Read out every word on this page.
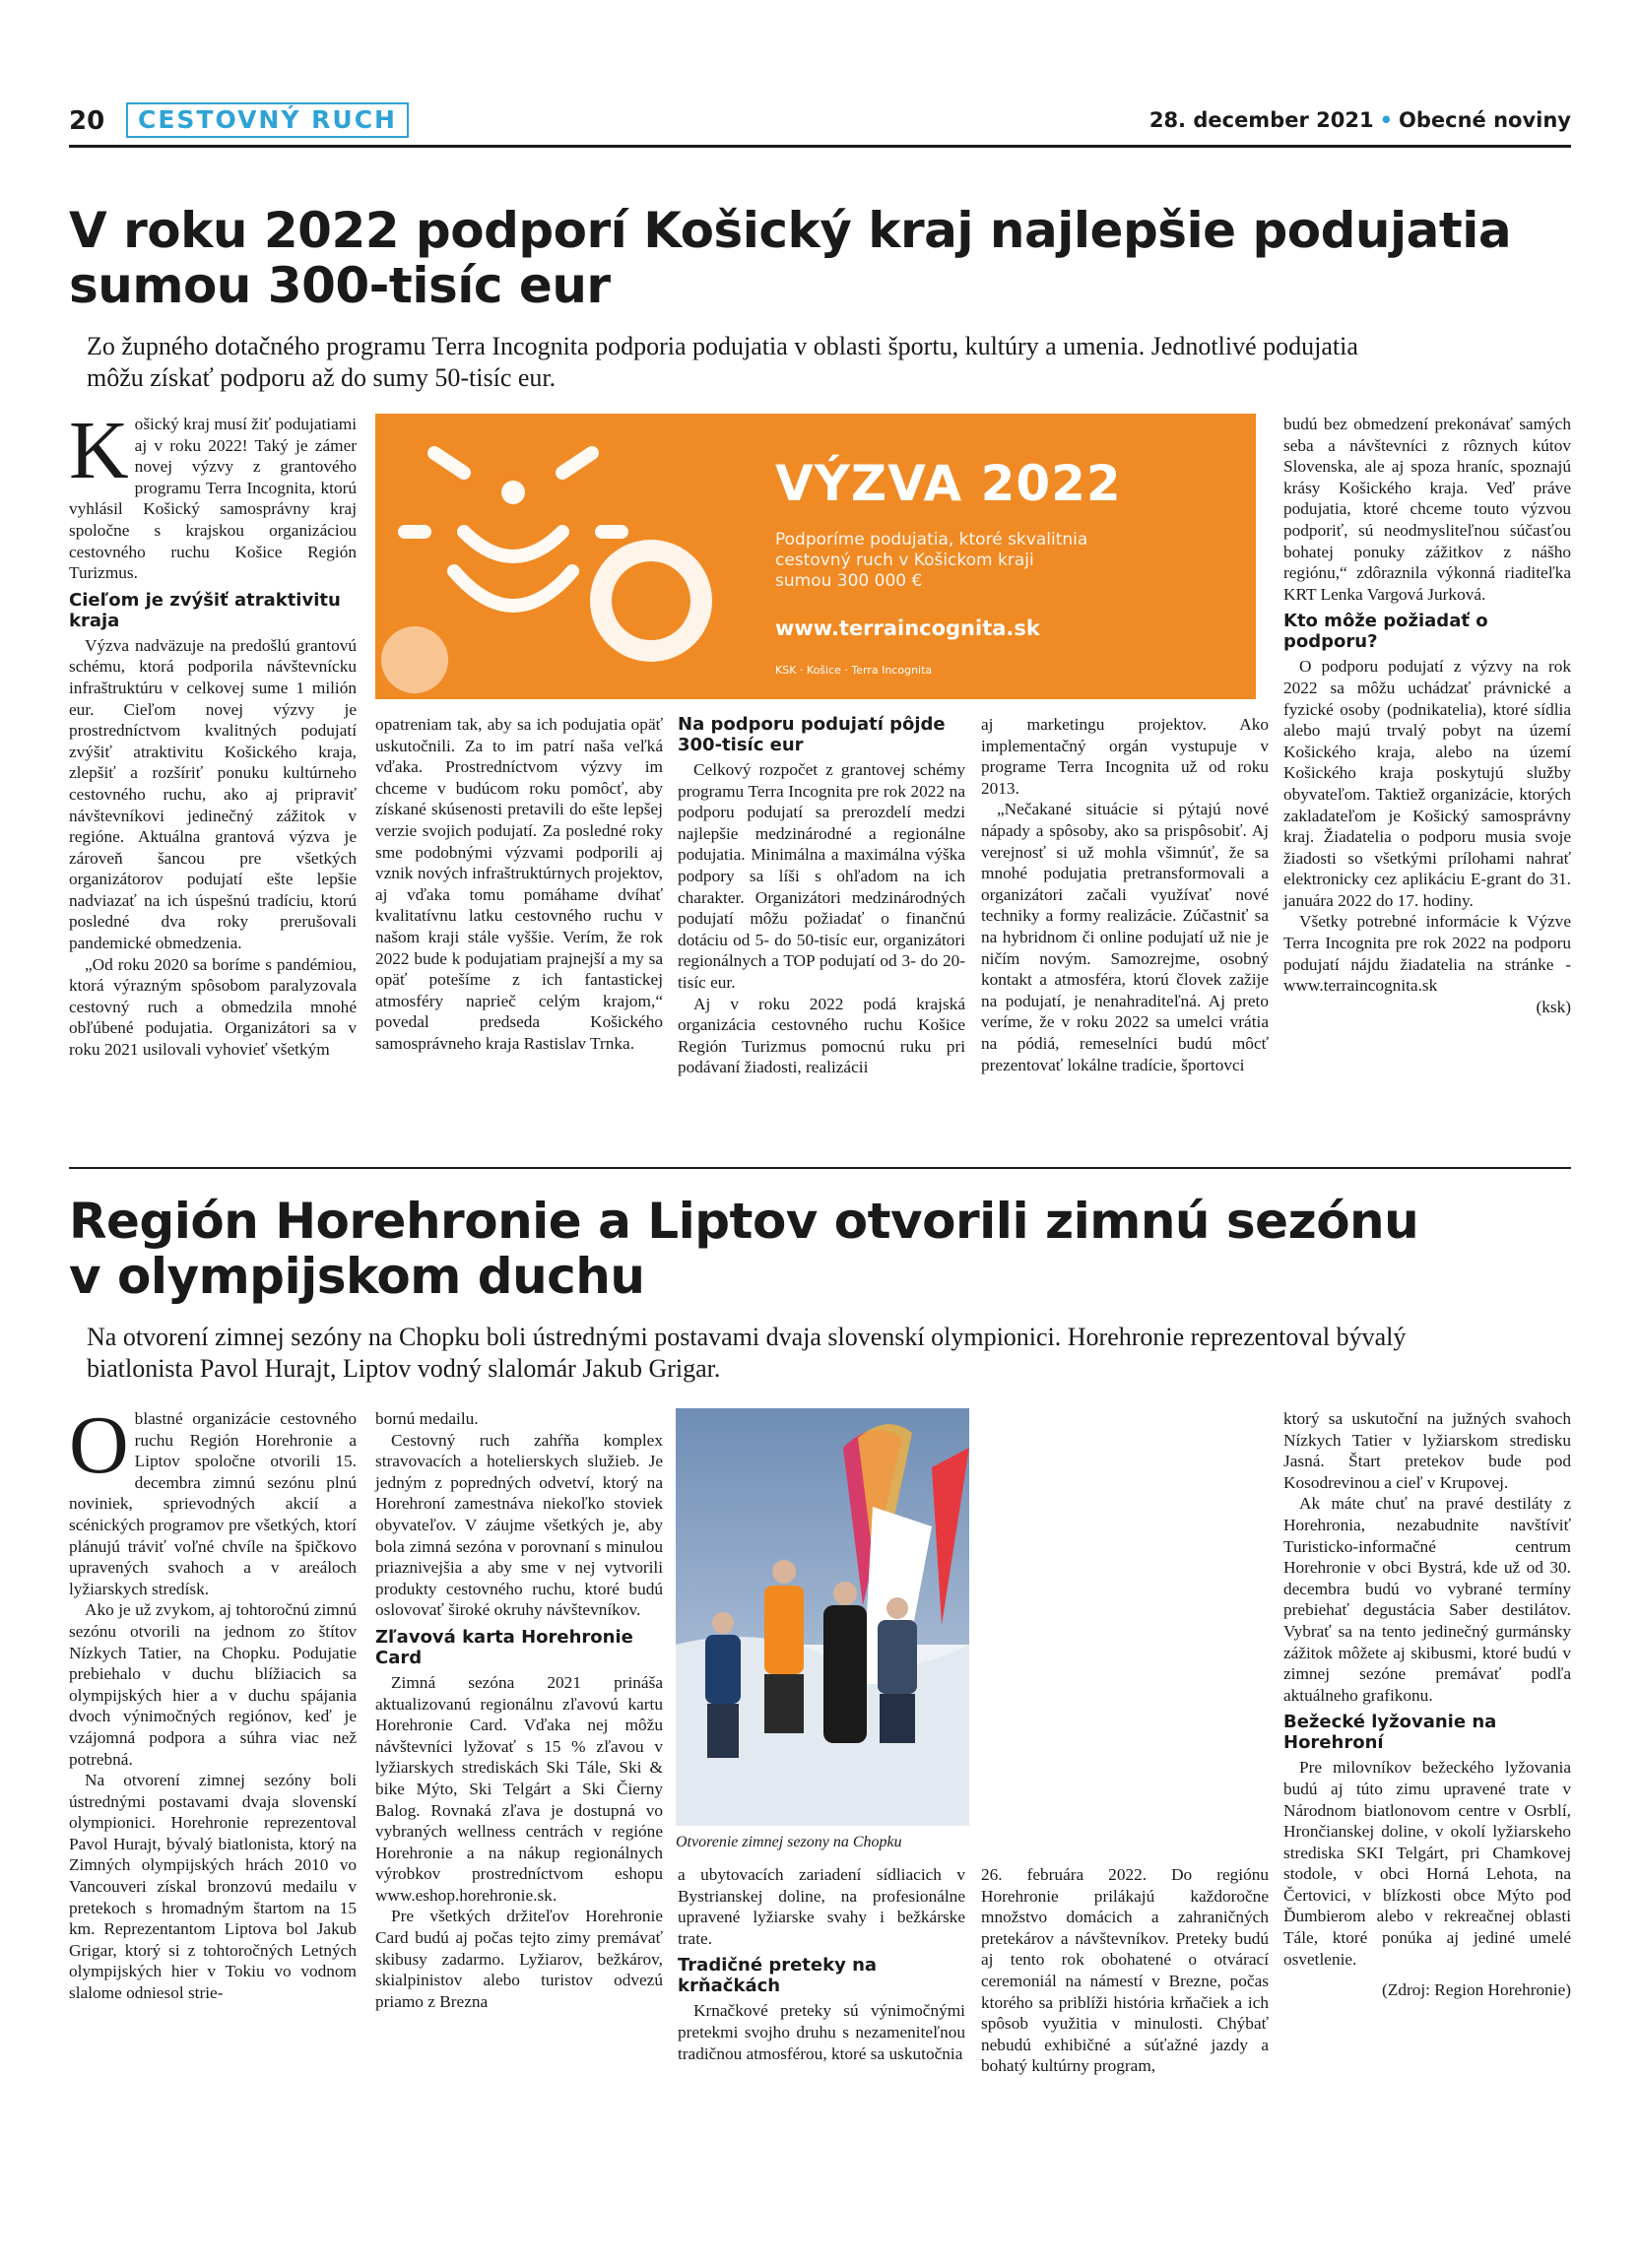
20	CESTOVNÝ RUCH	28. december 2021 • Obecné noviny
V roku 2022 podporí Košický kraj najlepšie podujatia
sumou 300-tisíc eur
Zo župného dotačného programu Terra Incognita podporia podujatia v oblasti športu, kultúry a umenia. Jednotlivé podujatia
môžu získať podporu až do sumy 50-tisíc eur.
VÝZVA 2022
Podporíme podujatia, ktoré skvalitnia
cestovný ruch v Košickom kraji
sumou 300 000 €
www.terraincognita.sk
KSK · Košice · Terra Incognita

Košický kraj musí žiť podujatiami aj v roku 2022! Taký je zámer novej výzvy z grantového programu Terra Incognita, ktorú vyhlásil Košický samosprávny kraj spoločne s krajskou organizáciou cestovného ruchu Košice Región Turizmus.

Cieľom je zvýšiť atraktivitu kraja

Výzva nadväzuje na predošlú grantovú schému, ktorá podporila návštevnícku infraštruktúru v celkovej sume 1 milión eur. Cieľom novej výzvy je prostredníctvom kvalitných podujatí zvýšiť atraktivitu Košického kraja, zlepšiť a rozšíriť ponuku kultúrneho cestovného ruchu, ako aj pripraviť návštevníkovi jedinečný zážitok v regióne. Aktuálna grantová výzva je zároveň šancou pre všetkých organizátorov podujatí ešte lepšie nadviazať na ich úspešnú tradíciu, ktorú posledné dva roky prerušovali pandemické obmedzenia.

„Od roku 2020 sa boríme s pandémiou, ktorá výrazným spôsobom paralyzovala cestovný ruch a obmedzila mnohé obľúbené podujatia. Organizátori sa v roku 2021 usilovali vyhovieť všetkým

opatreniam tak, aby sa ich podujatia opäť uskutočnili. Za to im patrí naša veľká vďaka. Prostredníctvom výzvy im chceme v budúcom roku pomôcť, aby získané skúsenosti pretavili do ešte lepšej verzie svojich podujatí. Za posledné roky sme podobnými výzvami podporili aj vznik nových infraštruktúrnych projektov, aj vďaka tomu pomáhame dvíhať kvalitatívnu latku cestovného ruchu v našom kraji stále vyššie. Verím, že rok 2022 bude k podujatiam prajnejší a my sa opäť potešíme z ich fantastickej atmosféry naprieč celým krajom,“ povedal predseda Košického samosprávneho kraja Rastislav Trnka.

Na podporu podujatí pôjde 300-tisíc eur

Celkový rozpočet z grantovej schémy programu Terra Incognita pre rok 2022 na podporu podujatí sa prerozdelí medzi najlepšie medzinárodné a regionálne podujatia. Minimálna a maximálna výška podpory sa líši s ohľadom na ich charakter. Organizátori medzinárodných podujatí môžu požiadať o finančnú dotáciu od 5- do 50-tisíc eur, organizátori regionálnych a TOP podujatí od 3- do 20-tisíc eur.

Aj v roku 2022 podá krajská organizácia cestovného ruchu Košice Región Turizmus pomocnú ruku pri podávaní žiadosti, realizácii

aj marketingu projektov. Ako implementačný orgán vystupuje v programe Terra Incognita už od roku 2013.

„Nečakané situácie si pýtajú nové nápady a spôsoby, ako sa prispôsobiť. Aj verejnosť si už mohla všimnúť, že sa mnohé podujatia pretransformovali a organizátori začali využívať nové techniky a formy realizácie. Zúčastniť sa na hybridnom či online podujatí už nie je ničím novým. Samozrejme, osobný kontakt a atmosféra, ktorú človek zažije na podujatí, je nenahraditeľná. Aj preto veríme, že v roku 2022 sa umelci vrátia na pódiá, remeselníci budú môcť prezentovať lokálne tradície, športovci

budú bez obmedzení prekonávať samých seba a návštevníci z rôznych kútov Slovenska, ale aj spoza hraníc, spoznajú krásy Košického kraja. Veď práve podujatia, ktoré chceme touto výzvou podporiť, sú neodmysliteľnou súčasťou bohatej ponuky zážitkov z nášho regiónu,“ zdôraznila výkonná riaditeľka KRT Lenka Vargová Jurková.

Kto môže požiadať o podporu?

O podporu podujatí z výzvy na rok 2022 sa môžu uchádzať právnické a fyzické osoby (podnikatelia), ktoré sídlia alebo majú trvalý pobyt na území Košického kraja, alebo na území Košického kraja poskytujú služby obyvateľom. Taktiež organizácie, ktorých zakladateľom je Košický samosprávny kraj. Žiadatelia o podporu musia svoje žiadosti so všetkými prílohami nahrať elektronicky cez aplikáciu E-grant do 31. januára 2022 do 17. hodiny.

Všetky potrebné informácie k Výzve Terra Incognita pre rok 2022 na podporu podujatí nájdu žiadatelia na stránke - www.terraincognita.sk

(ksk)

Región Horehronie a Liptov otvorili zimnú sezónu
v olympijskom duchu
Na otvorení zimnej sezóny na Chopku boli ústrednými postavami dvaja slovenskí olympionici. Horehronie reprezentoval bývalý
biatlonista Pavol Hurajt, Liptov vodný slalomár Jakub Grigar.

Oblastné organizácie cestovného ruchu Región Horehronie a Liptov spoločne otvorili 15. decembra zimnú sezónu plnú noviniek, sprievodných akcií a scénických programov pre všetkých, ktorí plánujú tráviť voľné chvíle na špičkovo upravených svahoch a v areáloch lyžiarskych stredísk.

Ako je už zvykom, aj tohtoročnú zimnú sezónu otvorili na jednom zo štítov Nízkych Tatier, na Chopku. Podujatie prebiehalo v duchu blížiacich sa olympijských hier a v duchu spájania dvoch výnimočných regiónov, keď je vzájomná podpora a súhra viac než potrebná.

Na otvorení zimnej sezóny boli ústrednými postavami dvaja slovenskí olympionici. Horehronie reprezentoval Pavol Hurajt, bývalý biatlonista, ktorý na Zimných olympijských hrách 2010 vo Vancouveri získal bronzovú medailu v pretekoch s hromadným štartom na 15 km. Reprezentantom Liptova bol Jakub Grigar, ktorý si z tohtoročných Letných olympijských hier v Tokiu vo vodnom slalome odniesol strie-

bornú medailu.

Cestovný ruch zahŕňa komplex stravovacích a hotelierskych služieb. Je jedným z popredných odvetví, ktorý na Horehroní zamestnáva niekoľko stoviek obyvateľov. V záujme všetkých je, aby bola zimná sezóna v porovnaní s minulou priaznivejšia a aby sme v nej vytvorili produkty cestovného ruchu, ktoré budú oslovovať široké okruhy návštevníkov.

Zľavová karta Horehronie Card

Zimná sezóna 2021 prináša aktualizovanú regionálnu zľavovú kartu Horehronie Card. Vďaka nej môžu návštevníci lyžovať s 15 % zľavou v lyžiarskych strediskách Ski Tále, Ski & bike Mýto, Ski Telgárt a Ski Čierny Balog. Rovnaká zľava je dostupná vo vybraných wellness centrách v regióne Horehronie a na nákup regionálnych výrobkov prostredníctvom eshopu www.eshop.horehronie.sk.

Pre všetkých držiteľov Horehronie Card budú aj počas tejto zimy premávať skibusy zadarmo. Lyžiarov, bežkárov, skialpinistov alebo turistov odvezú priamo z Brezna

Otvorenie zimnej sezony na Chopku

a ubytovacích zariadení sídliacich v Bystrianskej doline, na profesionálne upravené lyžiarske svahy i bežkárske trate.

Tradičné preteky na krňačkách

Krnačkové preteky sú výnimočnými pretekmi svojho druhu s nezameniteľnou tradičnou atmosférou, ktoré sa uskutočnia

26. februára 2022. Do regiónu Horehronie prilákajú každoročne množstvo domácich a zahraničných pretekárov a návštevníkov. Preteky budú aj tento rok obohatené o otvárací ceremoniál na námestí v Brezne, počas ktorého sa priblíži história krňačiek a ich spôsob využitia v minulosti. Chýbať nebudú exhibičné a súťažné jazdy a bohatý kultúrny program,

ktorý sa uskutoční na južných svahoch Nízkych Tatier v lyžiarskom stredisku Jasná. Štart pretekov bude pod Kosodrevinou a cieľ v Krupovej.

Ak máte chuť na pravé destiláty z Horehronia, nezabudnite navštíviť Turisticko-informačné centrum Horehronie v obci Bystrá, kde už od 30. decembra budú vo vybrané termíny prebiehať degustácia Saber destilátov. Vybrať sa na tento jedinečný gurmánsky zážitok môžete aj skibusmi, ktoré budú v zimnej sezóne premávať podľa aktuálneho grafikonu.

Bežecké lyžovanie na Horehroní

Pre milovníkov bežeckého lyžovania budú aj túto zimu upravené trate v Národnom biatlonovom centre v Osrblí, Hrončianskej doline, v okolí lyžiarskeho strediska SKI Telgárt, pri Chamkovej stodole, v obci Horná Lehota, na Čertovici, v blízkosti obce Mýto pod Ďumbierom alebo v rekreačnej oblasti Tále, ktoré ponúka aj jediné umelé osvetlenie.

(Zdroj: Region Horehronie)
